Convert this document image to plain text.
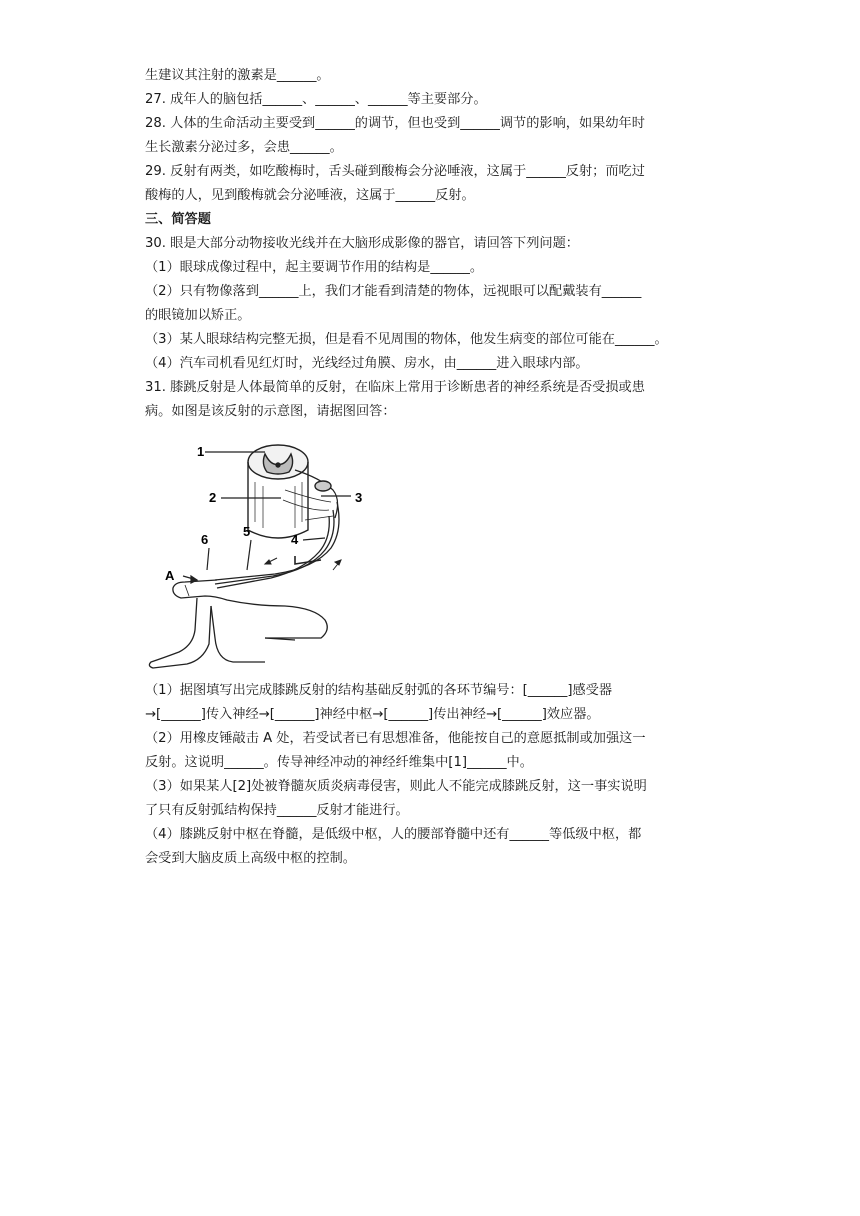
生建议其注射的激素是______。
27. 成年人的脑包括______、______、______等主要部分。
28. 人体的生命活动主要受到______的调节，但也受到______调节的影响，如果幼年时
生长激素分泌过多，会患______。
29. 反射有两类，如吃酸梅时，舌头碰到酸梅会分泌唾液，这属于______反射；而吃过
酸梅的人，见到酸梅就会分泌唾液，这属于______反射。
三、简答题
30. 眼是大部分动物接收光线并在大脑形成影像的器官，请回答下列问题：
（1）眼球成像过程中，起主要调节作用的结构是______。
（2）只有物像落到______上，我们才能看到清楚的物体，远视眼可以配戴装有______
的眼镜加以矫正。
（3）某人眼球结构完整无损，但是看不见周围的物体，他发生病变的部位可能在______。
（4）汽车司机看见红灯时，光线经过角膜、房水，由______进入眼球内部。
31. 膝跳反射是人体最简单的反射，在临床上常用于诊断患者的神经系统是否受损或患
病。如图是该反射的示意图，请据图回答：
1
2	3
4
5
6
A
（1）据图填写出完成膝跳反射的结构基础反射弧的各环节编号：[______]感受器
→[______]传入神经→[______]神经中枢→[______]传出神经→[______]效应器。
（2）用橡皮锤敲击 A 处，若受试者已有思想准备，他能按自己的意愿抵制或加强这一
反射。这说明______。传导神经冲动的神经纤维集中[1]______中。
（3）如果某人[2]处被脊髓灰质炎病毒侵害，则此人不能完成膝跳反射，这一事实说明
了只有反射弧结构保持______反射才能进行。
（4）膝跳反射中枢在脊髓，是低级中枢，人的腰部脊髓中还有______等低级中枢，都
会受到大脑皮质上高级中枢的控制。
